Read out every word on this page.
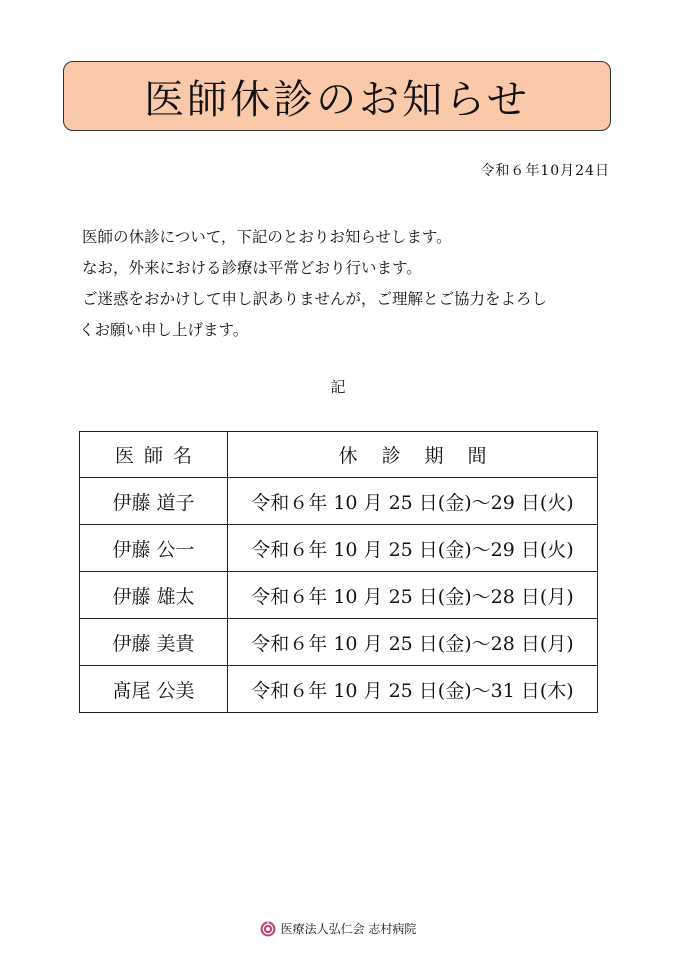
医師休診のお知らせ
令和６年10月24日

医師の休診について，下記のとおりお知らせします。

なお，外来における診療は平常どおり行います。

ご迷惑をおかけして申し訳ありませんが，ご理解とご協力をよろし

くお願い申し上げます。

記
医師名	休診期間
伊藤 道子	令和６年 10 月 25 日(金)～29 日(火)
伊藤 公一	令和６年 10 月 25 日(金)～29 日(火)
伊藤 雄太	令和６年 10 月 25 日(金)～28 日(月)
伊藤 美貴	令和６年 10 月 25 日(金)～28 日(月)
髙尾 公美	令和６年 10 月 25 日(金)～31 日(木)
医療法人弘仁会 志村病院
